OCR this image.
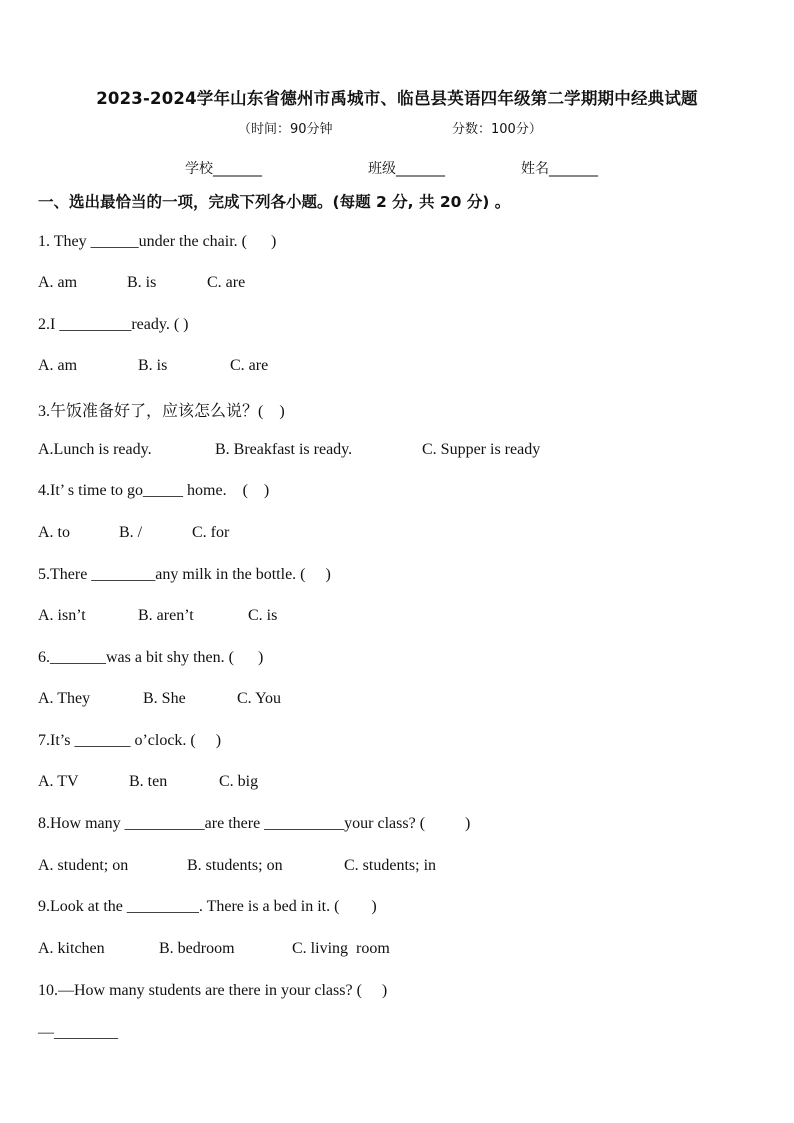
2023-2024学年山东省德州市禹城市、临邑县英语四年级第二学期期中经典试题
（时间：90分钟	分数：100分）
学校_______	班级_______	姓名_______
一、选出最恰当的一项，完成下列各小题。(每题 2 分, 共 20 分) 。
1. They ______under the chair. (      )

A. am

	B. is

	C. are

2.I _________ready. ( )

A. am

	B. is

	C. are

3.午饭准备好了，应该怎么说？(    )

A.Lunch is ready.

	B. Breakfast is ready.

	C. Supper is ready

4.It’ s time to go_____ home.    (    )

A. to

	B. /

	C. for

5.There ________any milk in the bottle. (     )

A. isn’t

	B. aren’t

	C. is

6._______was a bit shy then. (      )

A. They

	B. She

	C. You

7.It’s _______ o’clock. (     )

A. TV

	B. ten

	C. big

8.How many __________are there __________your class? (          )

A. student; on

	B. students; on

	C. students; in

9.Look at the _________. There is a bed in it. (        )

A. kitchen

	B. bedroom

	C. living  room

10.—How many students are there in your class? (     )
—________
